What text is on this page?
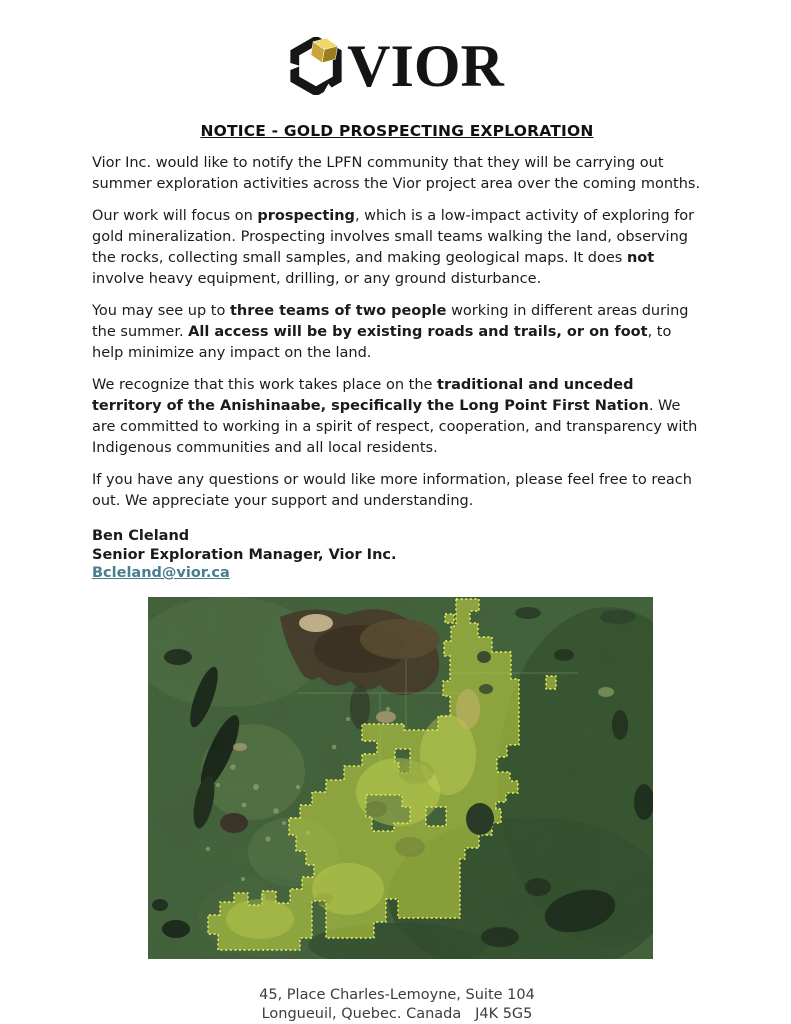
VIOR
NOTICE - GOLD PROSPECTING EXPLORATION

Vior Inc. would like to notify the LPFN community that they will be carrying out summer exploration activities across the Vior project area over the coming months.

Our work will focus on prospecting, which is a low-impact activity of exploring for gold mineralization. Prospecting involves small teams walking the land, observing the rocks, collecting small samples, and making geological maps. It does not involve heavy equipment, drilling, or any ground disturbance.

You may see up to three teams of two people working in different areas during the summer. All access will be by existing roads and trails, or on foot, to help minimize any impact on the land.

We recognize that this work takes place on the traditional and unceded territory of the Anishinaabe, specifically the Long Point First Nation. We are committed to working in a spirit of respect, cooperation, and transparency with Indigenous communities and all local residents.

If you have any questions or would like more information, please feel free to reach out. We appreciate your support and understanding.

Ben Cleland
Senior Exploration Manager, Vior Inc.
Bcleland@vior.ca
45, Place Charles-Lemoyne, Suite 104
Longueuil, Quebec. Canada   J4K 5G5
